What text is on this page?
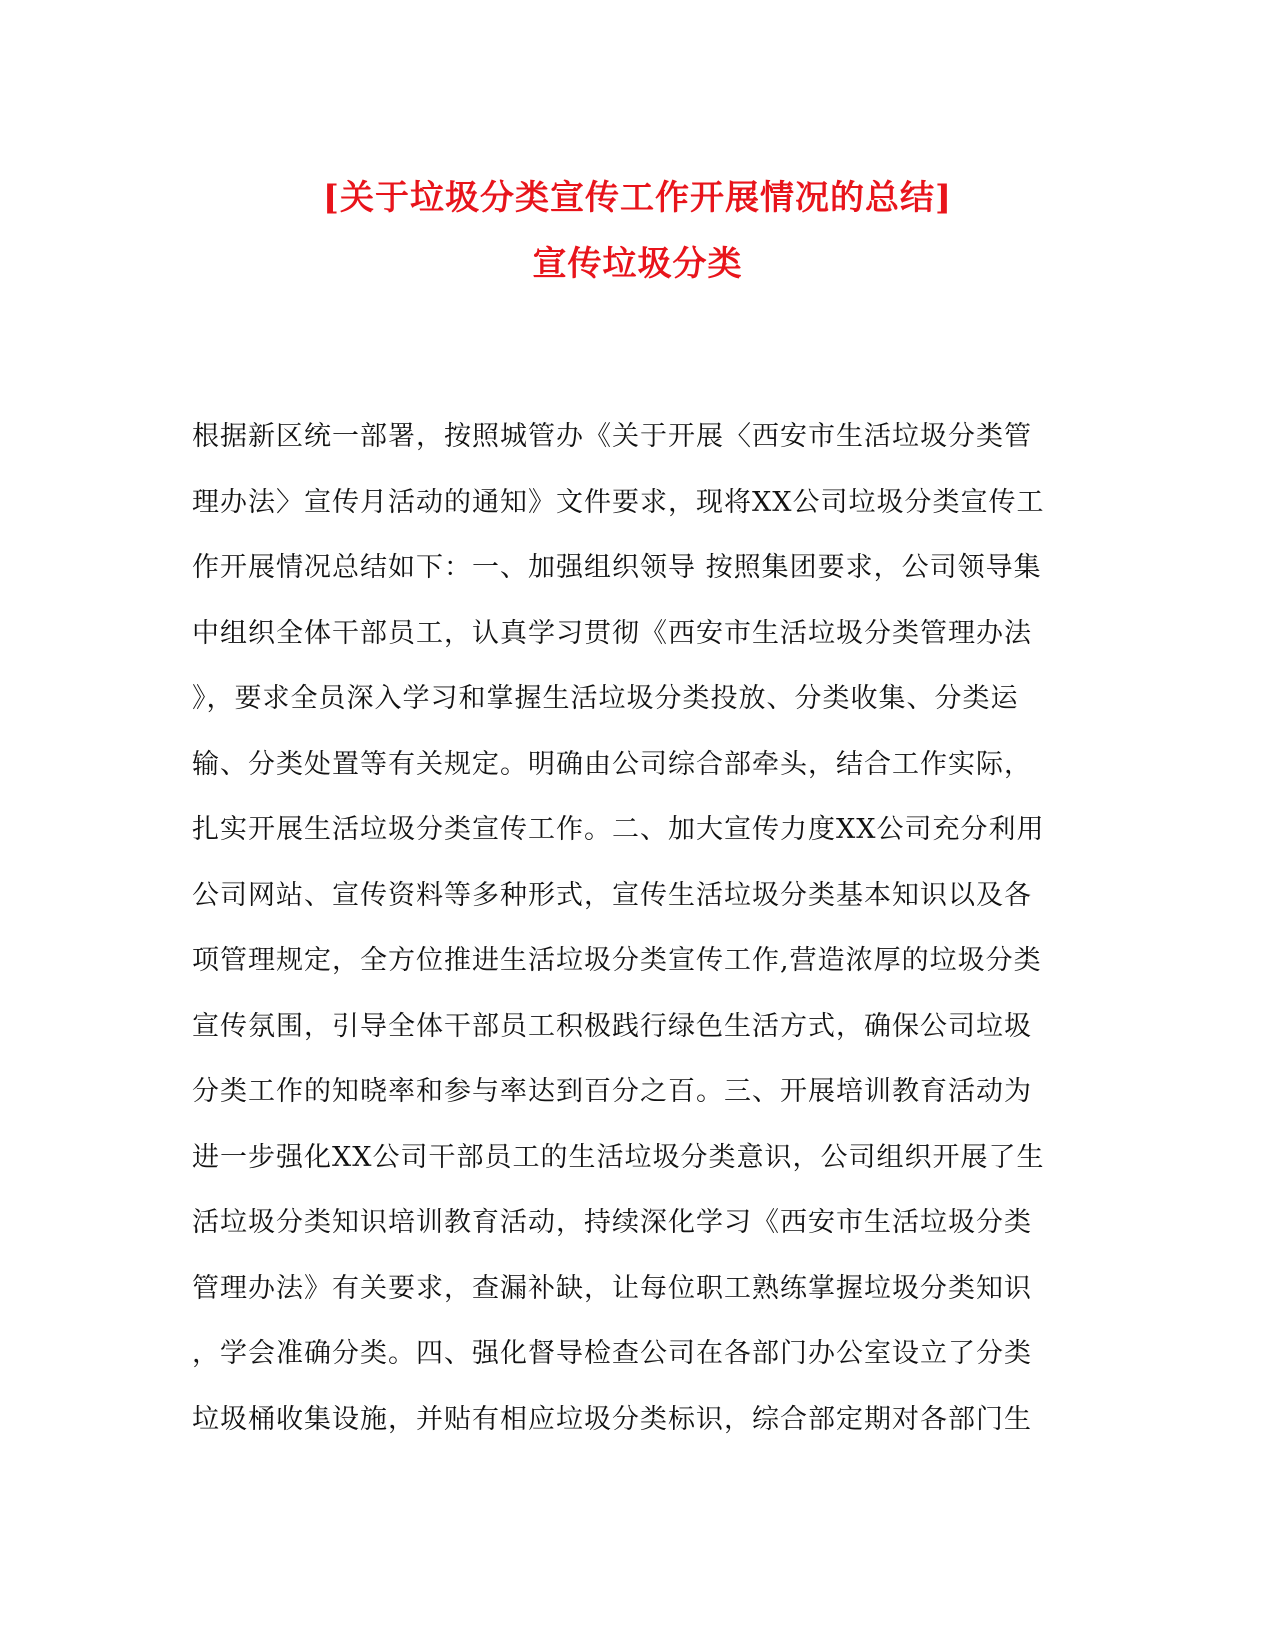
[关于垃圾分类宣传工作开展情况的总结]
宣传垃圾分类
根据新区统一部署，按照城管办《关于开展〈西安市生活垃圾分类管
理办法〉宣传月活动的通知》文件要求，现将XX公司垃圾分类宣传工
作开展情况总结如下：一、加强组织领导 按照集团要求，公司领导集
中组织全体干部员工，认真学习贯彻《西安市生活垃圾分类管理办法
》，要求全员深入学习和掌握生活垃圾分类投放、分类收集、分类运
输、分类处置等有关规定。明确由公司综合部牵头，结合工作实际，
扎实开展生活垃圾分类宣传工作。二、加大宣传力度XX公司充分利用
公司网站、宣传资料等多种形式，宣传生活垃圾分类基本知识以及各
项管理规定，全方位推进生活垃圾分类宣传工作,营造浓厚的垃圾分类
宣传氛围，引导全体干部员工积极践行绿色生活方式，确保公司垃圾
分类工作的知晓率和参与率达到百分之百。三、开展培训教育活动为
进一步强化XX公司干部员工的生活垃圾分类意识，公司组织开展了生
活垃圾分类知识培训教育活动，持续深化学习《西安市生活垃圾分类
管理办法》有关要求，查漏补缺，让每位职工熟练掌握垃圾分类知识
，学会准确分类。四、强化督导检查公司在各部门办公室设立了分类
垃圾桶收集设施，并贴有相应垃圾分类标识，综合部定期对各部门生
